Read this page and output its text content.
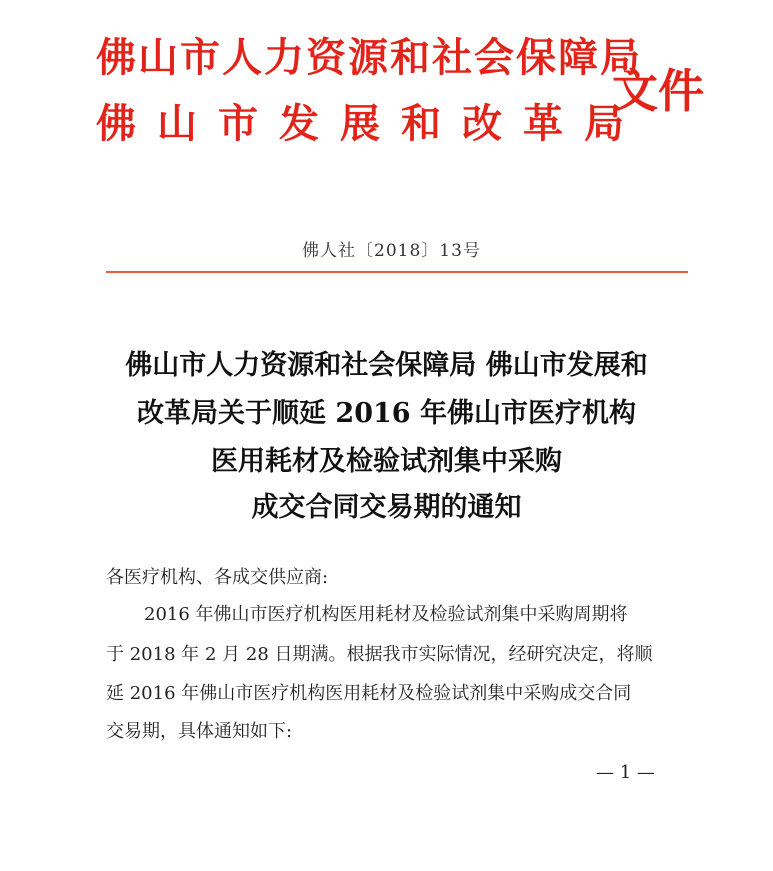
佛山市人力资源和社会保障局
佛山市发展和改革局
文件
佛人社〔2018〕13号
佛山市人力资源和社会保障局 佛山市发展和
改革局关于顺延 2016 年佛山市医疗机构
医用耗材及检验试剂集中采购
成交合同交易期的通知
各医疗机构、各成交供应商:
2016 年佛山市医疗机构医用耗材及检验试剂集中采购周期将
于 2018 年 2 月 28 日期满。根据我市实际情况，经研究决定，将顺
延 2016 年佛山市医疗机构医用耗材及检验试剂集中采购成交合同
交易期，具体通知如下:
— 1 —
